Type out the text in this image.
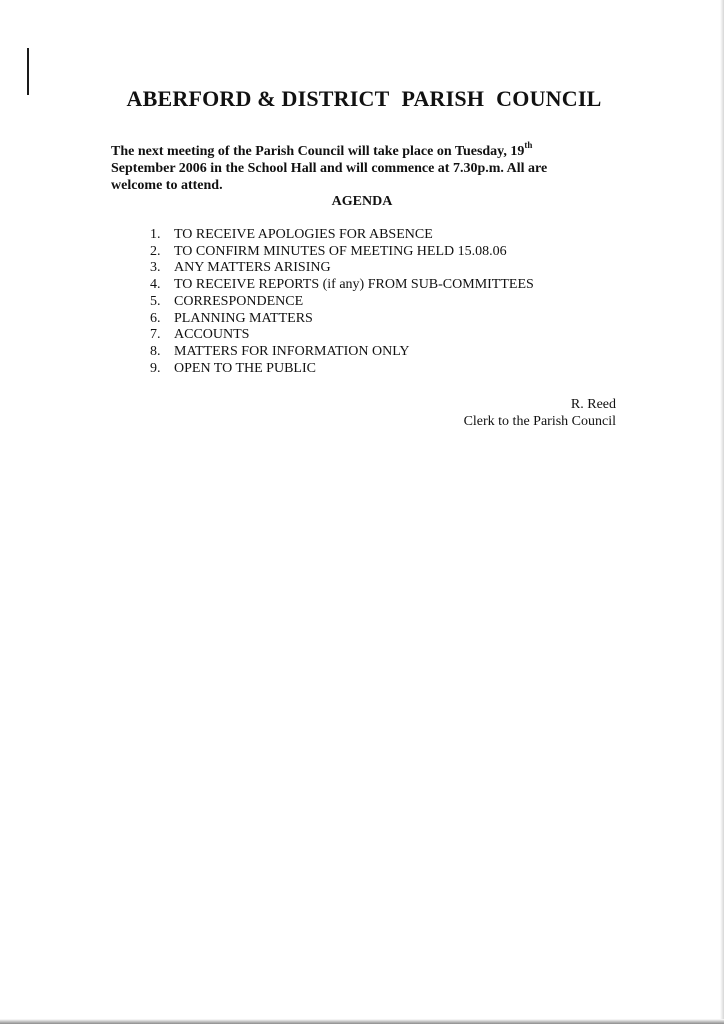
ABERFORD & DISTRICT PARISH COUNCIL

The next meeting of the Parish Council will take place on Tuesday, 19th
September 2006 in the School Hall and will commence at 7.30p.m. All are
welcome to attend.

AGENDA
1. TO RECEIVE APOLOGIES FOR ABSENCE
2. TO CONFIRM MINUTES OF MEETING HELD 15.08.06
3. ANY MATTERS ARISING
4. TO RECEIVE REPORTS (if any) FROM SUB-COMMITTEES
5. CORRESPONDENCE
6. PLANNING MATTERS
7. ACCOUNTS
8. MATTERS FOR INFORMATION ONLY
9. OPEN TO THE PUBLIC
R. Reed
Clerk to the Parish Council
